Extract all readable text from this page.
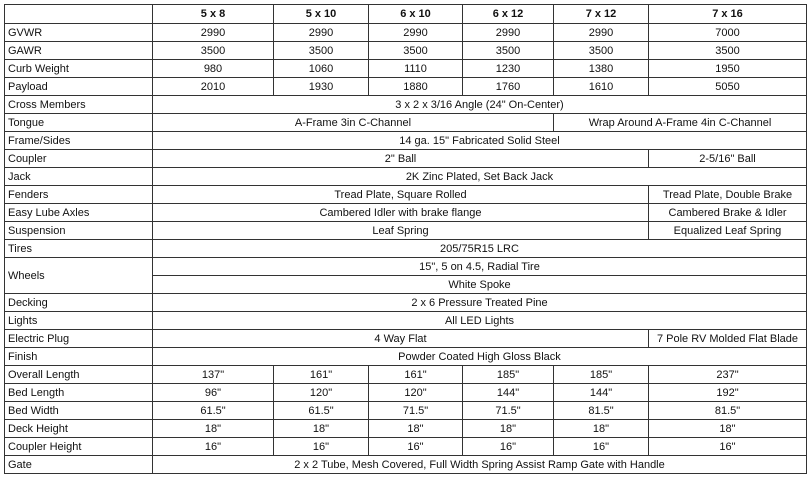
	5 x 8	5 x 10	6 x 10	6 x 12	7 x 12	7 x 16
GVWR	2990	2990	2990	2990	2990	7000
GAWR	3500	3500	3500	3500	3500	3500
Curb Weight	980	1060	1110	1230	1380	1950
Payload	2010	1930	1880	1760	1610	5050
Cross Members	3 x 2 x 3/16 Angle (24" On-Center)					
Tongue	A-Frame 3in C-Channel				Wrap Around A-Frame 4in C-Channel	
Frame/Sides	14 ga. 15" Fabricated Solid Steel					
Coupler	2" Ball					2-5/16" Ball
Jack	2K Zinc Plated, Set Back Jack					
Fenders	Tread Plate, Square Rolled					Tread Plate, Double Brake
Easy Lube Axles	Cambered Idler with brake flange					Cambered Brake & Idler
Suspension	Leaf Spring					Equalized Leaf Spring
Tires	205/75R15 LRC					
Wheels	15", 5 on 4.5, Radial Tire					
	White Spoke					
Decking	2 x 6 Pressure Treated Pine					
Lights	All LED Lights					
Electric Plug	4 Way Flat					7 Pole RV Molded Flat Blade
Finish	Powder Coated High Gloss Black					
Overall Length	137"	161"	161"	185"	185"	237"
Bed Length	96"	120"	120"	144"	144"	192"
Bed Width	61.5"	61.5"	71.5"	71.5"	81.5"	81.5"
Deck Height	18"	18"	18"	18"	18"	18"
Coupler Height	16"	16"	16"	16"	16"	16"
Gate	2 x 2 Tube, Mesh Covered, Full Width Spring Assist Ramp Gate with Handle					
